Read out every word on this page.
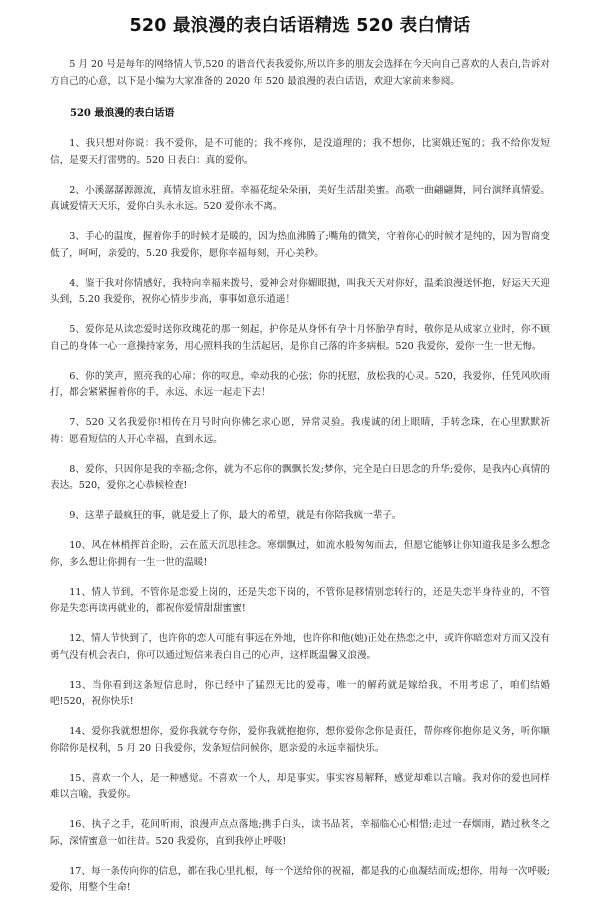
520 最浪漫的表白话语精选 520 表白情话

5 月 20 号是每年的网络情人节,520 的谐音代表我爱你,所以许多的朋友会选择在今天向自己喜欢的人表白,告诉对方自己的心意，以下是小编为大家准备的 2020 年 520 最浪漫的表白话语，欢迎大家前来参阅。

520 最浪漫的表白话语

1、我只想对你说：我不爱你，是不可能的；我不疼你，是没道理的；我不想你，比窦娥还冤的；我不给你发短信，是要天打雷劈的。520 日表白：真的爱你。

2、小溪潺潺源源流，真情友谊永驻留。幸福花绽朵朵丽，美好生活甜美蜜。高歌一曲翩翩舞，同台演绎真情爱。真诚爱情天天乐，爱你白头永永远。520 爱你永不离。

3、手心的温度，握着你手的时候才是暖的，因为热血沸腾了;嘴角的微笑，守着你心的时候才是纯的，因为智商变低了，呵呵，亲爱的，5.20 我爱你，愿你幸福每刻，开心美秒。

4、鉴于我对你情感好，我特向幸福来拨号，爱神会对你媚眼抛，叫我天天对你好，温柔浪漫送怀抱，好运天天迎头到，5.20 我爱你，祝你心情步步高，事事如意乐逍遥！

5、爱你是从读恋爱时送你玫瑰花的那一刻起，护你是从身怀有孕十月怀胎孕育时，敬你是从成家立业时，你不顾自己的身体一心一意操持家务，用心照料我的生活起居，是你自己落的许多病根。520 我爱你，爱你一生一世无悔。

6、你的笑声，照亮我的心扉；你的叹息，牵动我的心弦；你的抚慰，放松我的心灵。520，我爱你，任凭风吹雨打，都会紧紧握着你的手，永远、永远一起走下去！

7、520 又名我爱你!相传在月号时向你佛乞求心愿，异常灵验。我虔诚的闭上眼睛，手转念珠，在心里默默祈祷：愿看短信的人开心幸福，直到永远。

8、爱你，只因你是我的幸福;念你，就为不忘你的飘飘长发;梦你，完全是白日思念的升华;爱你，是我内心真情的表达。520，爱你之心恭候检查!

9、这辈子最疯狂的事，就是爱上了你，最大的希望，就是有你陪我疯一辈子。

10、风在林梢挥首企盼，云在蓝天沉思挂念。寒烟飘过，如流水般匆匆而去，但愿它能够让你知道我是多么想念你，多么想让你拥有一生一世的温暖!

11、情人节到，不管你是恋爱上岗的，还是失恋下岗的，不管你是移情别恋转行的，还是失恋半身待业的，不管你是失恋再读再就业的，都祝你爱情甜甜蜜蜜!

12、情人节快到了，也许你的恋人可能有事远在外地，也许你和他(她)正处在热恋之中，或许你暗恋对方而又没有勇气没有机会表白，你可以通过短信来表白自己的心声，这样既温馨又浪漫。

13、当你看到这条短信息时，你已经中了猛烈无比的爱毒，唯一的解药就是嫁给我，不用考虑了，咱们结婚吧!520，祝你快乐!

14、爱你我就想想你，爱你我就夸夸你，爱你我就抱抱你，想你爱你念你是责任，帮你疼你抱你是义务，听你顺你陪你是权利，5 月 20 日我爱你，发条短信问候你，愿亲爱的永远幸福快乐。

15、喜欢一个人，是一种感觉。不喜欢一个人，却是事实。事实容易解释，感觉却难以言喻。我对你的爱也同样难以言喻，我爱你。

16、执子之手，花间听雨，浪漫声点点落地;携手白头，读书品茗，幸福临心心相惜;走过一春烟雨，踏过秋冬之际，深情蜜意一如往昔。520 我爱你，直到我停止呼吸!

17、每一条传向你的信息，都在我心里扎根，每一个送给你的祝福，都是我的心血凝结而成;想你，用每一次呼吸;爱你，用整个生命!
